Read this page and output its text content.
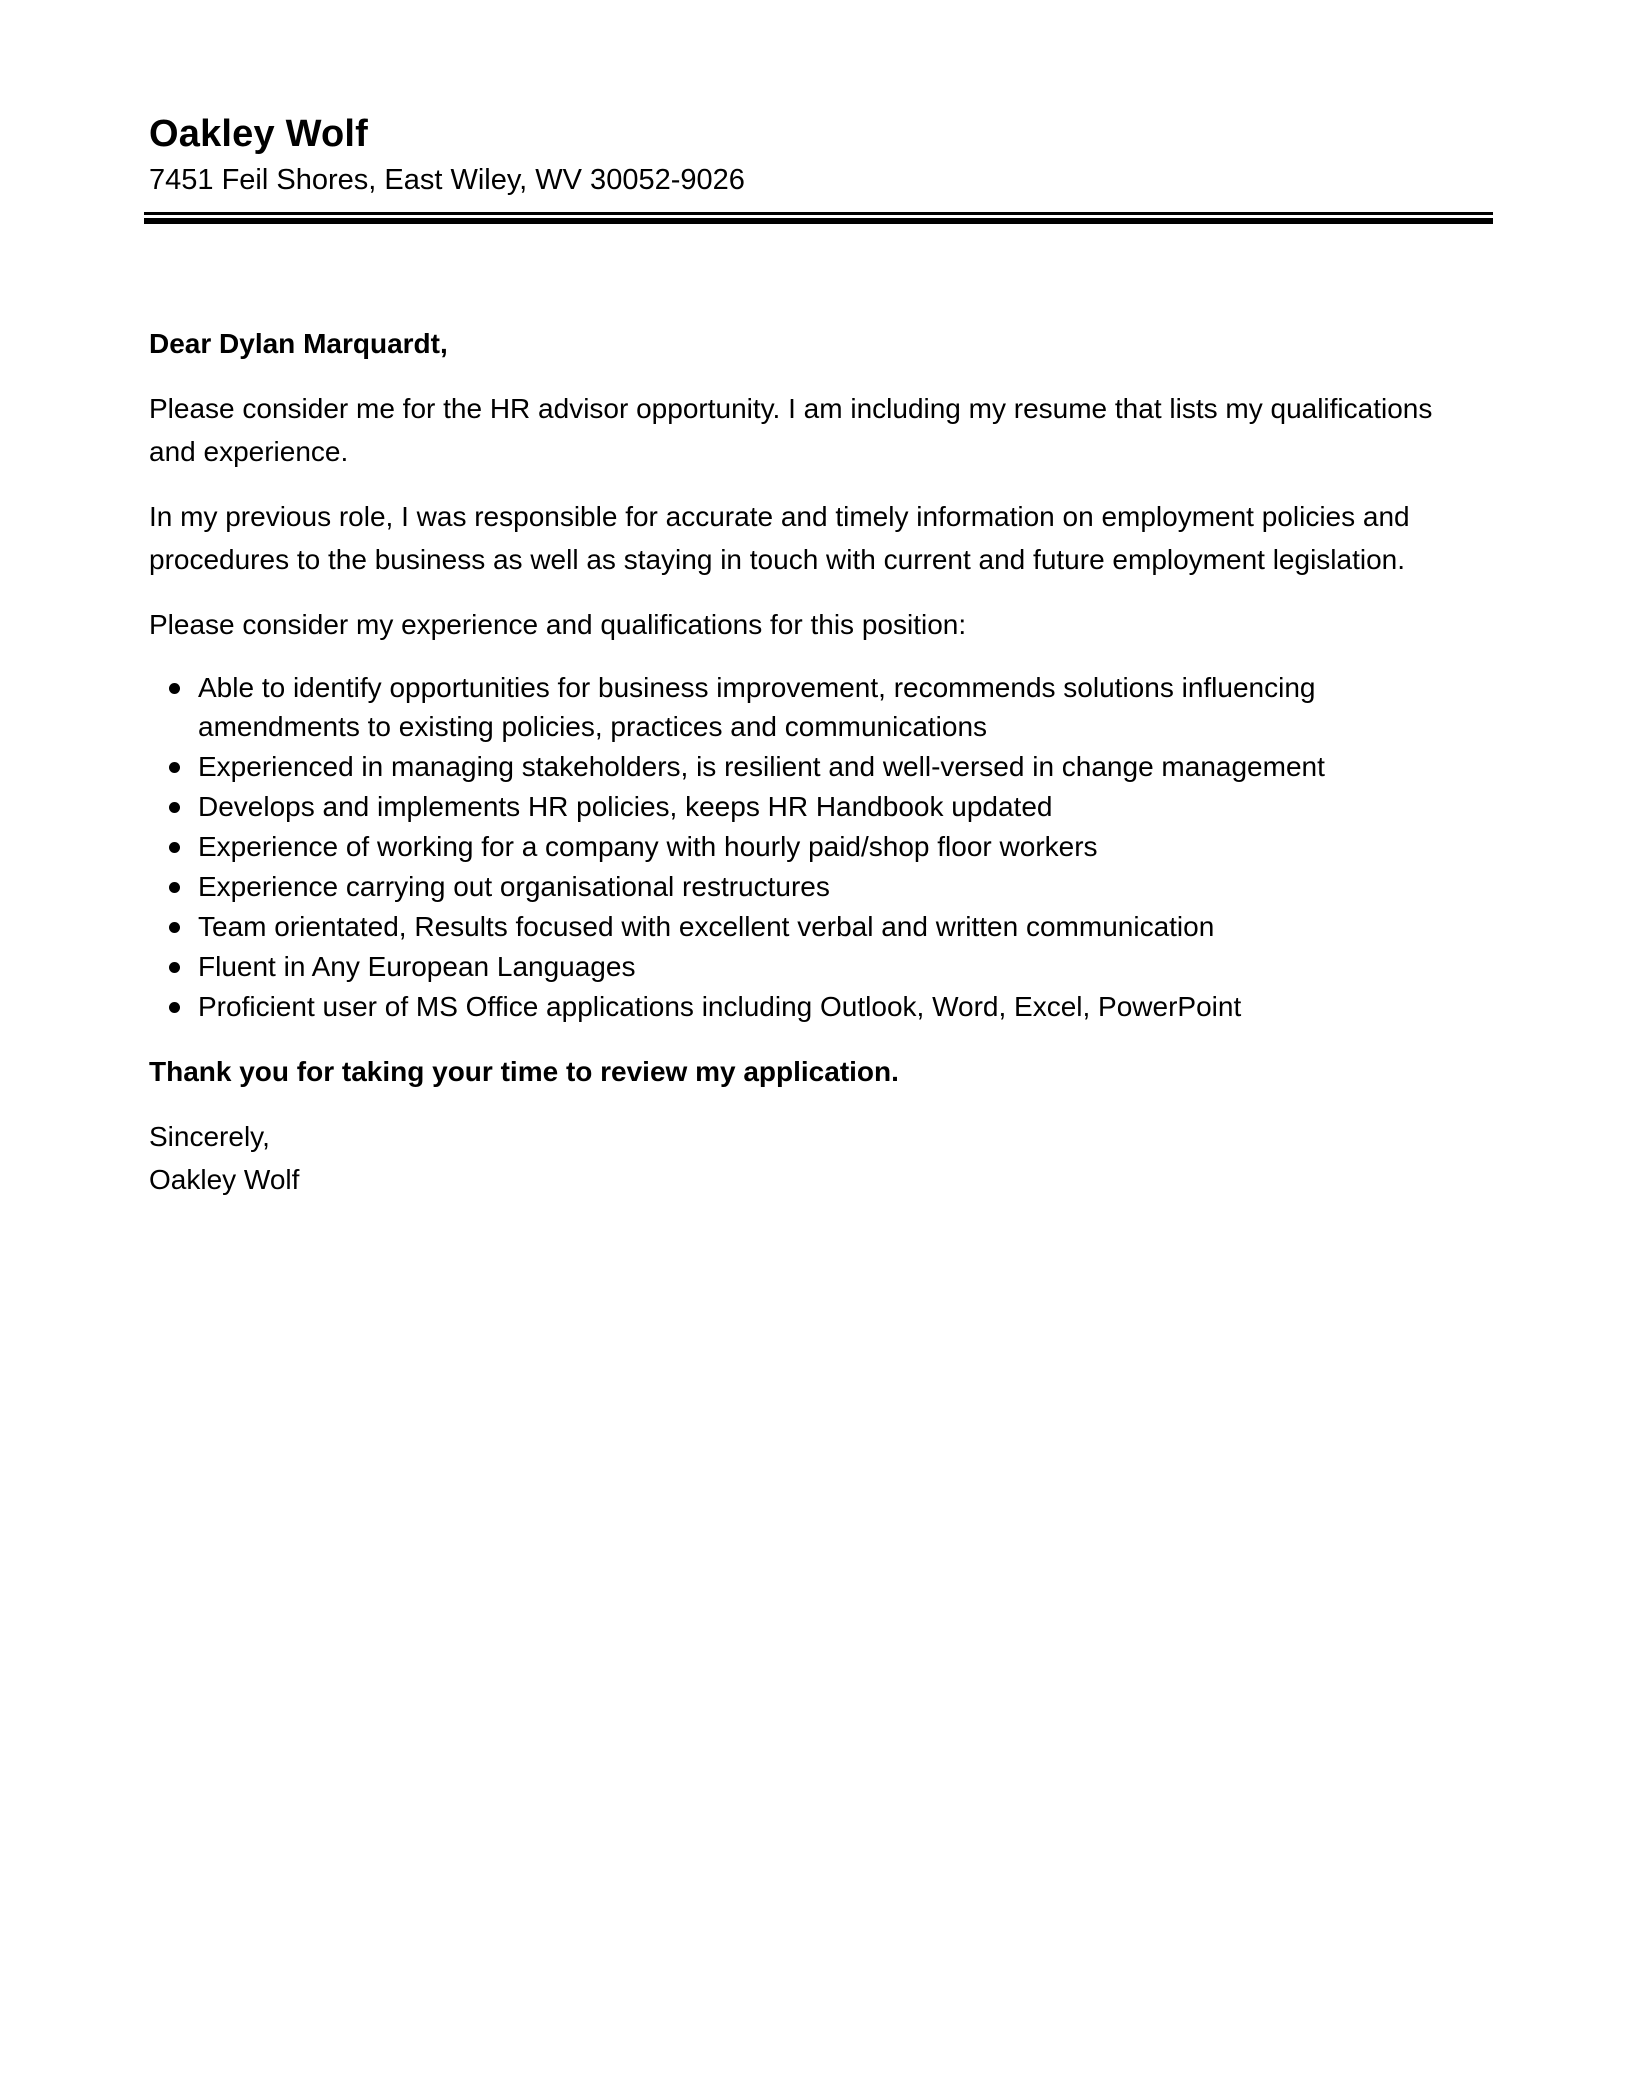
Oakley Wolf
7451 Feil Shores, East Wiley, WV 30052-9026

Dear Dylan Marquardt,

Please consider me for the HR advisor opportunity. I am including my resume that lists my qualifications and experience.

In my previous role, I was responsible for accurate and timely information on employment policies and procedures to the business as well as staying in touch with current and future employment legislation.

Please consider my experience and qualifications for this position:

Able to identify opportunities for business improvement, recommends solutions influencing amendments to existing policies, practices and communications
Experienced in managing stakeholders, is resilient and well-versed in change management
Develops and implements HR policies, keeps HR Handbook updated
Experience of working for a company with hourly paid/shop floor workers
Experience carrying out organisational restructures
Team orientated, Results focused with excellent verbal and written communication
Fluent in Any European Languages
Proficient user of MS Office applications including Outlook, Word, Excel, PowerPoint

Thank you for taking your time to review my application.

Sincerely,

Oakley Wolf
